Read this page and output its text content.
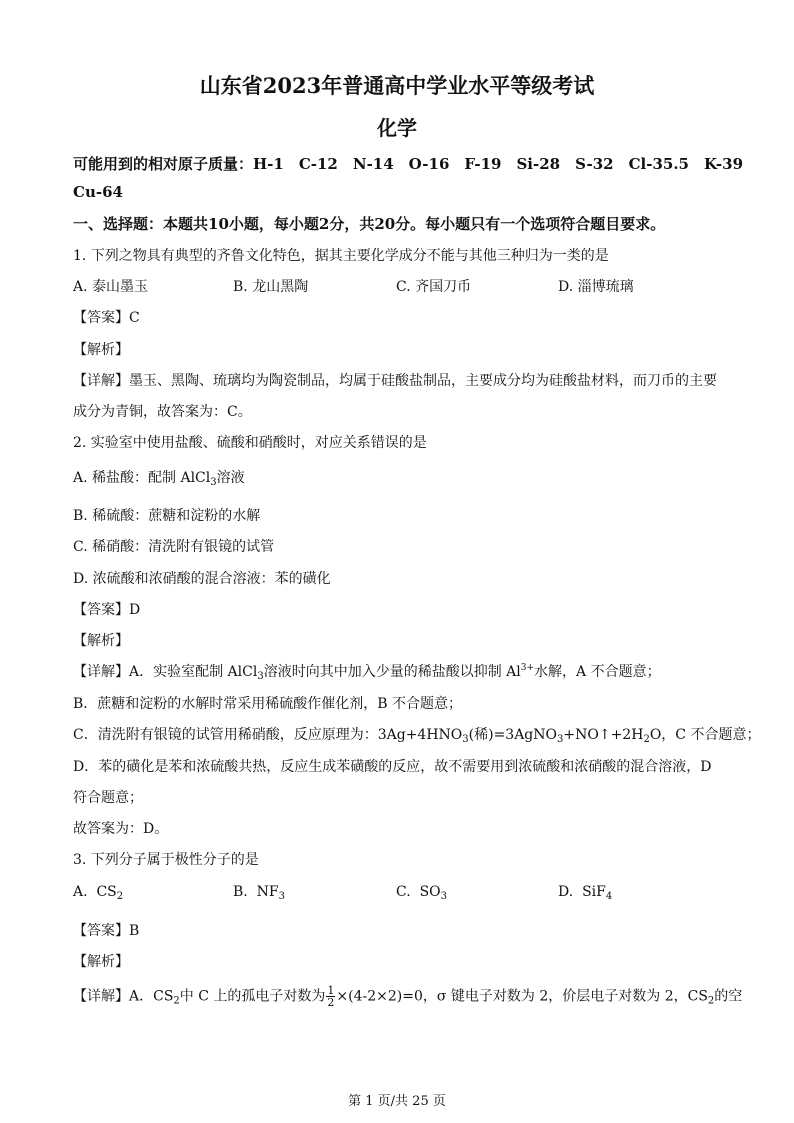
山东省2023年普通高中学业水平等级考试
化学
可能用到的相对原子质量：H-1　C-12　N-14　O-16　F-19　Si-28　S-32　Cl-35.5　K-39
Cu-64
一、选择题：本题共10小题，每小题2分，共20分。每小题只有一个选项符合题目要求。
1. 下列之物具有典型的齐鲁文化特色，据其主要化学成分不能与其他三种归为一类的是
A. 泰山墨玉	B. 龙山黑陶	C. 齐国刀币	D. 淄博琉璃
【答案】C
【解析】
【详解】墨玉、黑陶、琉璃均为陶瓷制品，均属于硅酸盐制品，主要成分均为硅酸盐材料，而刀币的主要
成分为青铜，故答案为：C。
2. 实验室中使用盐酸、硫酸和硝酸时，对应关系错误的是
A. 稀盐酸：配制 AlCl$_3$溶液
B. 稀硫酸：蔗糖和淀粉的水解
C. 稀硝酸：清洗附有银镜的试管
D. 浓硫酸和浓硝酸的混合溶液：苯的磺化
【答案】D
【解析】
【详解】A．实验室配制 AlCl$_3$溶液时向其中加入少量的稀盐酸以抑制 $Al^{3+}$水解，A 不合题意；
B．蔗糖和淀粉的水解时常采用稀硫酸作催化剂，B 不合题意；
C．清洗附有银镜的试管用稀硝酸，反应原理为：$3Ag+4HNO_3$(稀)$=3AgNO_3+NO↑+2H_2O$，C 不合题意；
D．苯的磺化是苯和浓硫酸共热，反应生成苯磺酸的反应，故不需要用到浓硫酸和浓硝酸的混合溶液，D
符合题意；
故答案为：D。
3. 下列分子属于极性分子的是
A. $CS_2$	B. $NF_3$	C. $SO_3$	D. SiF$_4$
【答案】B
【解析】
【详解】A．$CS_2$中 C 上的孤电子对数为 $\frac{1}{2} \times(4-2\times 2)=0$，σ 键电子对数为 2，价层电子对数为 2，$CS_2$的空
第 1 页/共 25 页
